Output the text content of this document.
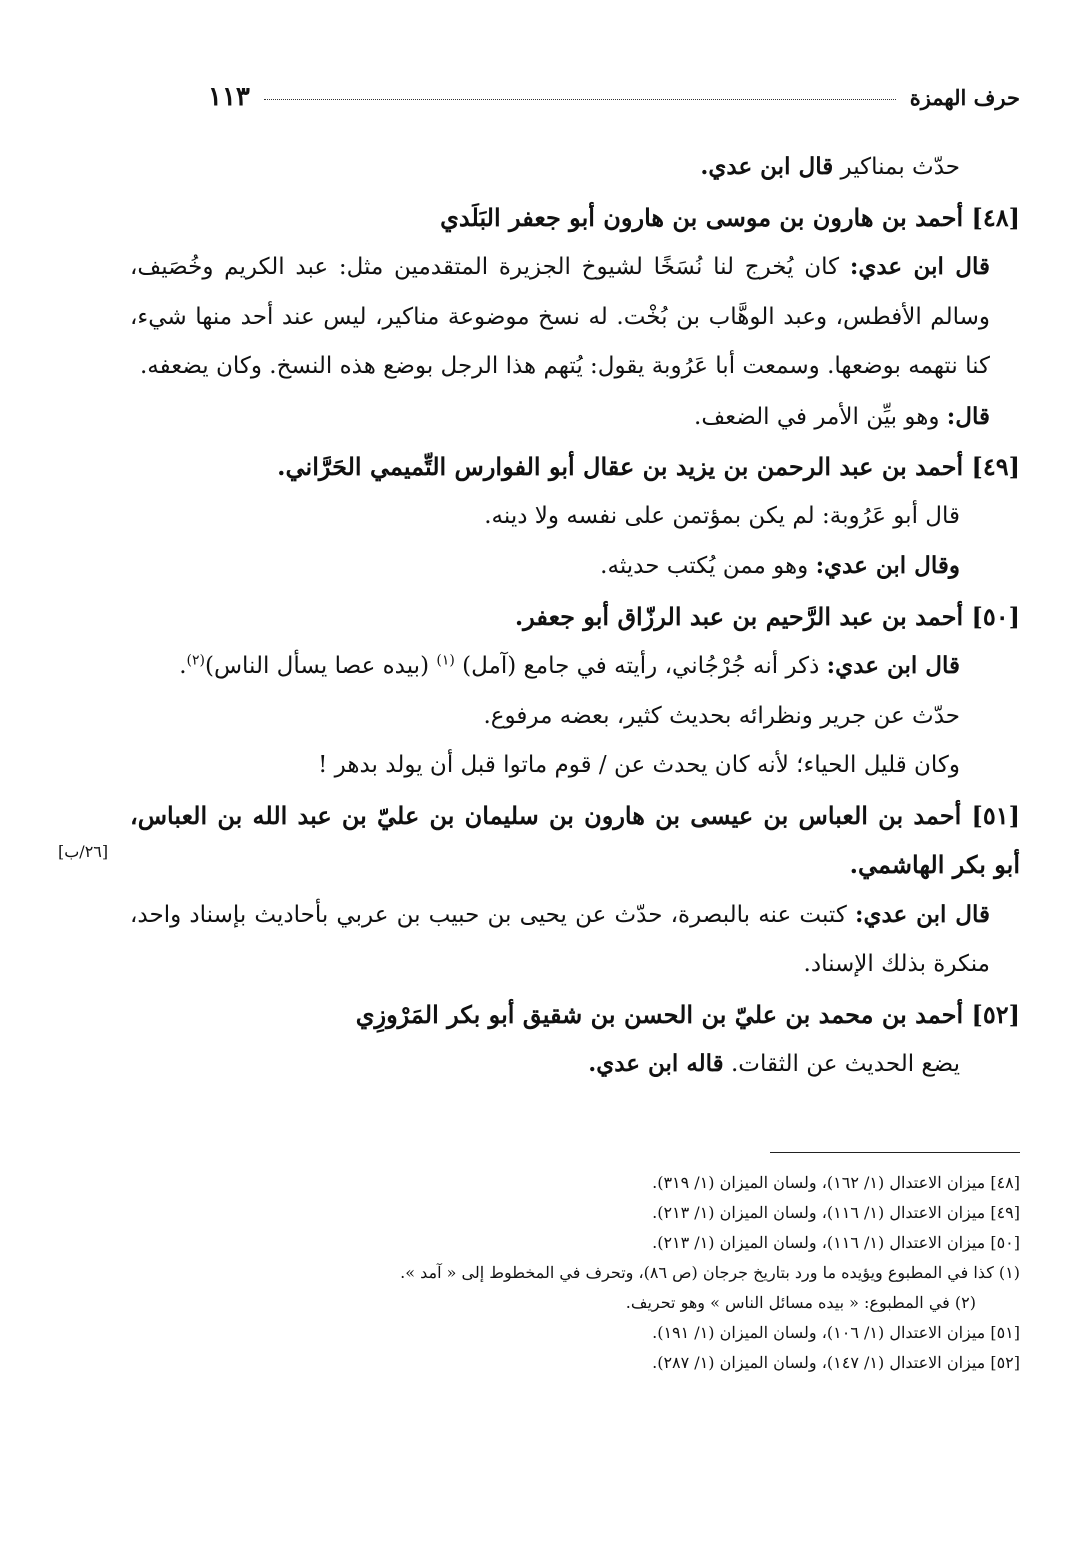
حرف الهمزة
١١٣

حدّث بمناكير قال ابن عدي.

[٤٨] أحمد بن هارون بن موسى بن هارون أبو جعفر البَلَدي

قال ابن عدي: كان يُخرج لنا نُسَخًا لشيوخ الجزيرة المتقدمين مثل: عبد الكريم وخُصَيف، وسالم الأفطس، وعبد الوهَّاب بن بُخْت. له نسخ موضوعة مناكير، ليس عند أحد منها شيء، كنا نتهمه بوضعها. وسمعت أبا عَرُوبة يقول: يُتهم هذا الرجل بوضع هذه النسخ. وكان يضعفه.

قال: وهو بيِّن الأمر في الضعف.

[٤٩] أحمد بن عبد الرحمن بن يزيد بن عقال أبو الفوارس التِّميمي الحَرَّاني.

قال أبو عَرُوبة: لم يكن بمؤتمن على نفسه ولا دينه.

وقال ابن عدي: وهو ممن يُكتب حديثه.

[٥٠] أحمد بن عبد الرَّحيم بن عبد الرزّاق أبو جعفر.

قال ابن عدي: ذكر أنه جُرْجُاني، رأيته في جامع (آمل) $^{(١)}$ (بيده عصا يسأل الناس)$^{(٢)}$.

حدّث عن جرير ونظرائه بحديث كثير، بعضه مرفوع.

وكان قليل الحياء؛ لأنه كان يحدث عن / قوم ماتوا قبل أن يولد بدهر !

[٥١] أحمد بن العباس بن عيسى بن هارون بن سليمان بن عليّ بن عبد الله بن العباس، أبو بكر الهاشمي.

قال ابن عدي: كتبت عنه بالبصرة، حدّث عن يحيى بن حبيب بن عربي بأحاديث بإسناد واحد، منكرة بذلك الإسناد.

[٥٢] أحمد بن محمد بن عليّ بن الحسن بن شقيق أبو بكر المَرْوزِي

يضع الحديث عن الثقات. قاله ابن عدي.

[٤٨] ميزان الاعتدال (١/ ١٦٢)، ولسان الميزان (١/ ٣١٩).

[٤٩] ميزان الاعتدال (١/ ١١٦)، ولسان الميزان (١/ ٢١٣).

[٥٠] ميزان الاعتدال (١/ ١١٦)، ولسان الميزان (١/ ٢١٣).

(١) كذا في المطبوع ويؤيده ما ورد بتاريخ جرجان (ص ٨٦)، وتحرف في المخطوط إلى « آمد ».

(٢) في المطبوع: « بيده مسائل الناس » وهو تحريف.

[٥١] ميزان الاعتدال (١/ ١٠٦)، ولسان الميزان (١/ ١٩١).

[٥٢] ميزان الاعتدال (١/ ١٤٧)، ولسان الميزان (١/ ٢٨٧).

[٢٦/ب]
